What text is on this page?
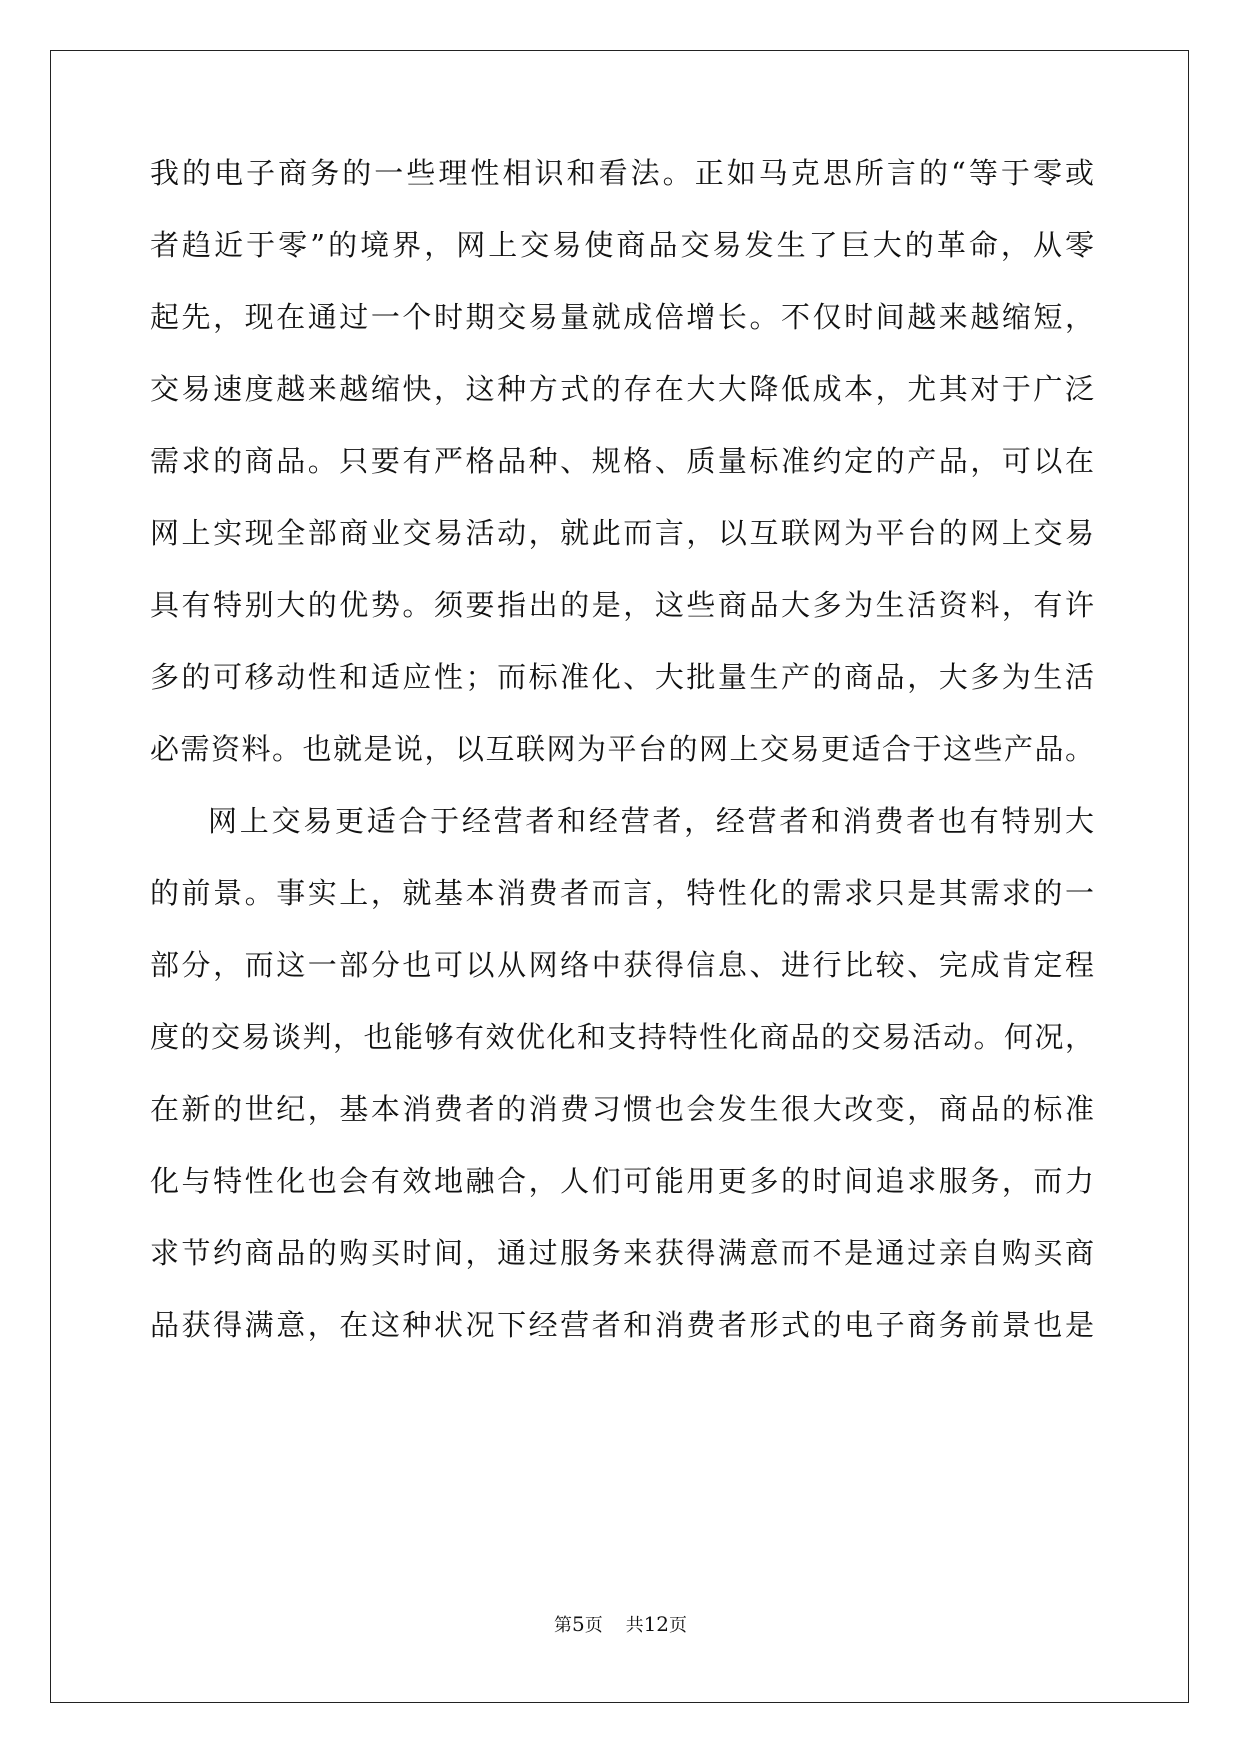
我的电子商务的一些理性相识和看法。正如马克思所言的“等于零或
者趋近于零”的境界，网上交易使商品交易发生了巨大的革命，从零
起先，现在通过一个时期交易量就成倍增长。不仅时间越来越缩短，
交易速度越来越缩快，这种方式的存在大大降低成本，尤其对于广泛
需求的商品。只要有严格品种、规格、质量标准约定的产品，可以在
网上实现全部商业交易活动，就此而言，以互联网为平台的网上交易
具有特别大的优势。须要指出的是，这些商品大多为生活资料，有许
多的可移动性和适应性；而标准化、大批量生产的商品，大多为生活
必需资料。也就是说，以互联网为平台的网上交易更适合于这些产品。
网上交易更适合于经营者和经营者，经营者和消费者也有特别大
的前景。事实上，就基本消费者而言，特性化的需求只是其需求的一
部分，而这一部分也可以从网络中获得信息、进行比较、完成肯定程
度的交易谈判，也能够有效优化和支持特性化商品的交易活动。何况，
在新的世纪，基本消费者的消费习惯也会发生很大改变，商品的标准
化与特性化也会有效地融合，人们可能用更多的时间追求服务，而力
求节约商品的购买时间，通过服务来获得满意而不是通过亲自购买商
品获得满意，在这种状况下经营者和消费者形式的电子商务前景也是
第5页 共12页
